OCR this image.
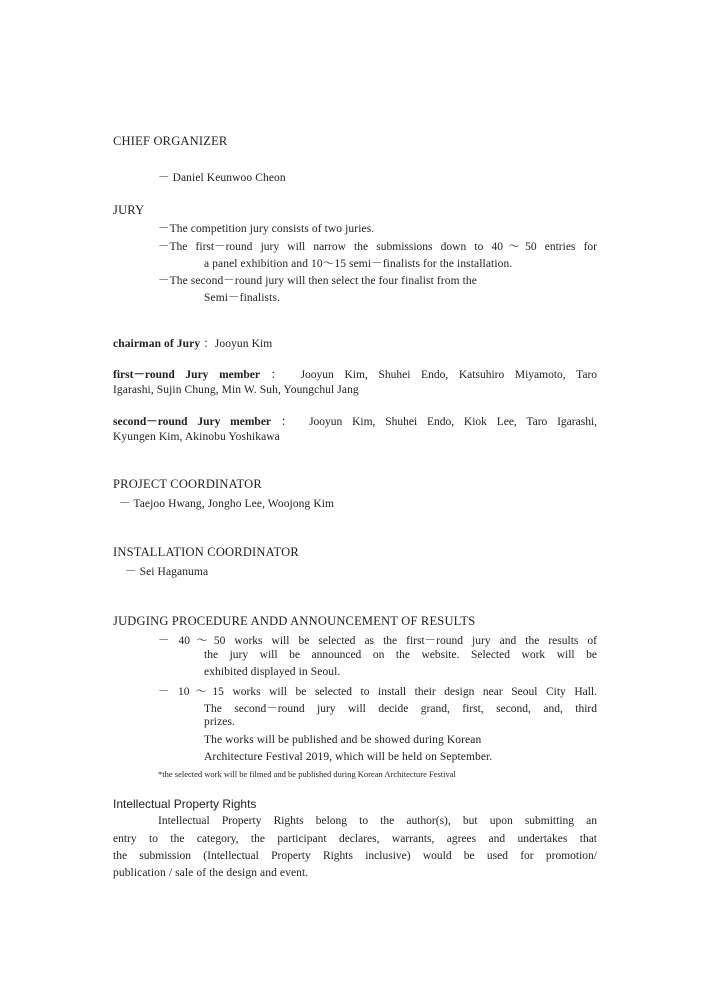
CHIEF ORGANIZER
－ Daniel Keunwoo Cheon
JURY
－The competition jury consists of two juries.
－The first－round jury will narrow the submissions down to 40～50 entries for
a panel exhibition and 10～15 semi－finalists for the installation.
－The second－round jury will then select the four finalist from the
Semi－finalists.
chairman of Jury ：Jooyun Kim
first－round Jury member ： Jooyun Kim, Shuhei Endo, Katsuhiro Miyamoto, Taro
Igarashi, Sujin Chung, Min W. Suh, Youngchul Jang
second－round Jury member ： Jooyun Kim, Shuhei Endo, Kiok Lee, Taro Igarashi,
Kyungen Kim, Akinobu Yoshikawa
PROJECT COORDINATOR
－ Taejoo Hwang, Jongho Lee, Woojong Kim
INSTALLATION COORDINATOR
－ Sei Haganuma
JUDGING PROCEDURE ANDD ANNOUNCEMENT OF RESULTS
－ 40～50 works will be selected as the first－round jury and the results of
the jury will be announced on the website. Selected work will be
exhibited displayed in Seoul.
－ 10～15 works will be selected to install their design near Seoul City Hall.
The second－round jury will decide grand, first, second, and, third
prizes.
The works will be published and be showed during Korean
Architecture Festival 2019, which will be held on September.
*the selected work will be filmed and be published during Korean Architecture Festival
Intellectual Property Rights
Intellectual Property Rights belong to the author(s), but upon submitting an
entry to the category, the participant declares, warrants, agrees and undertakes that
the submission (Intellectual Property Rights inclusive) would be used for promotion/
publication / sale of the design and event.
